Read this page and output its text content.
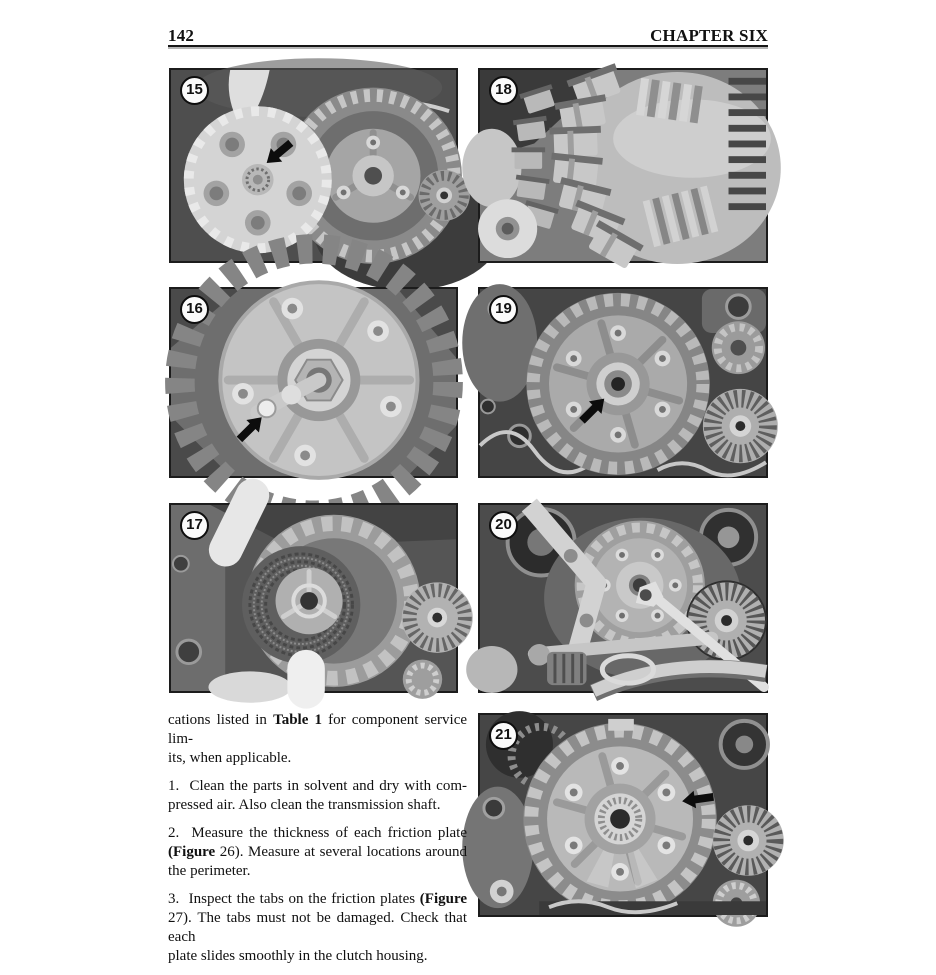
142	CHAPTER SIX
15
16
17
18
19
20
21

cations listed in Table 1 for component service lim-
its, when applicable.

1.  Clean the parts in solvent and dry with com-
pressed air. Also clean the transmission shaft.

2.  Measure the thickness of each friction plate
(Figure 26). Measure at several locations around
the perimeter.

3.  Inspect the tabs on the friction plates (Figure
27). The tabs must not be damaged. Check that each
plate slides smoothly in the clutch housing.
